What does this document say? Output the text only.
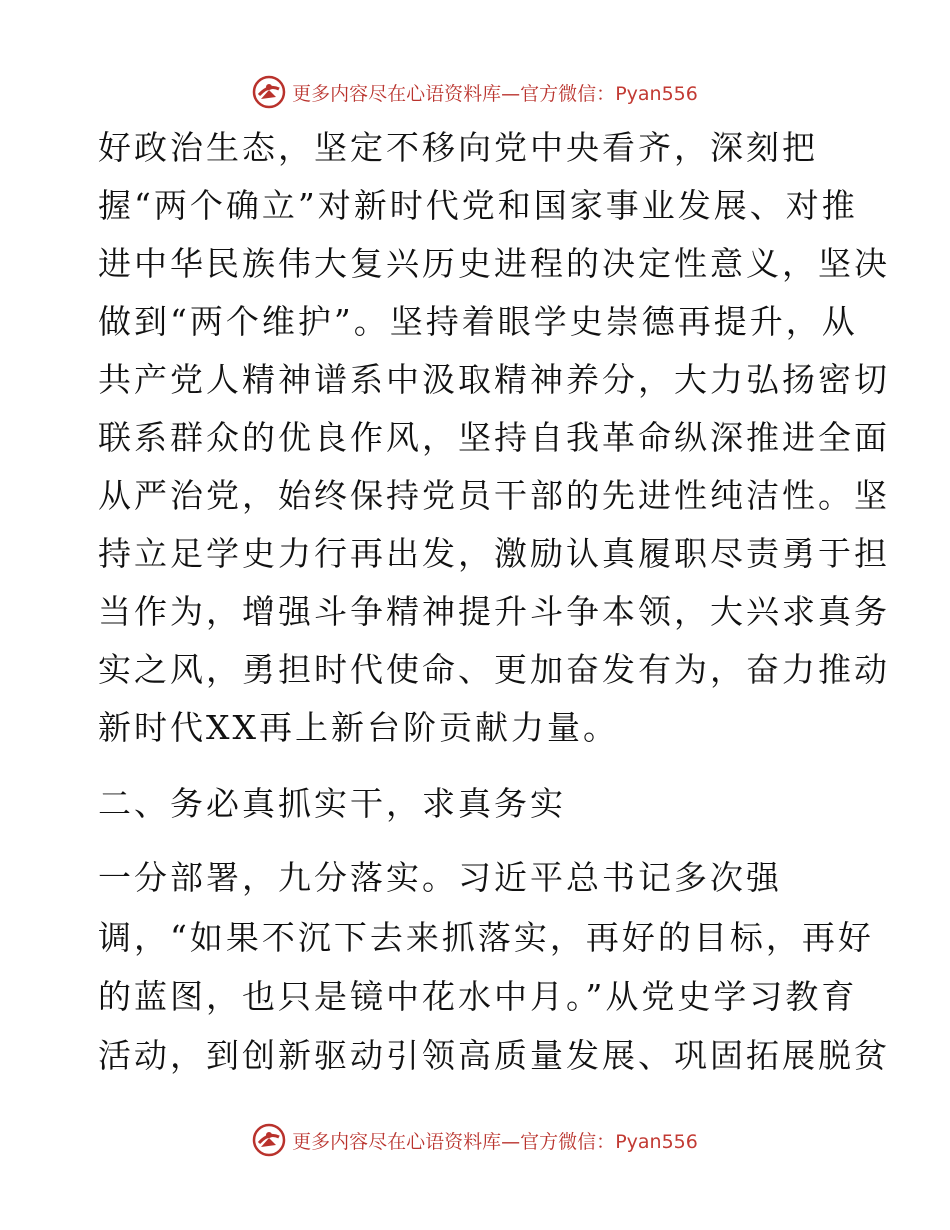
更多内容尽在心语资料库—官方微信：Pyan556
好政治生态，坚定不移向党中央看齐，深刻把
握“两个确立”对新时代党和国家事业发展、对推
进中华民族伟大复兴历史进程的决定性意义，坚决
做到“两个维护”。坚持着眼学史崇德再提升，从
共产党人精神谱系中汲取精神养分，大力弘扬密切
联系群众的优良作风，坚持自我革命纵深推进全面
从严治党，始终保持党员干部的先进性纯洁性。坚
持立足学史力行再出发，激励认真履职尽责勇于担
当作为，增强斗争精神提升斗争本领，大兴求真务
实之风，勇担时代使命、更加奋发有为，奋力推动
新时代XX再上新台阶贡献力量。
二、务必真抓实干，求真务实
一分部署，九分落实。习近平总书记多次强
调，“如果不沉下去来抓落实，再好的目标，再好
的蓝图，也只是镜中花水中月。”从党史学习教育
活动，到创新驱动引领高质量发展、巩固拓展脱贫
更多内容尽在心语资料库—官方微信：Pyan556
